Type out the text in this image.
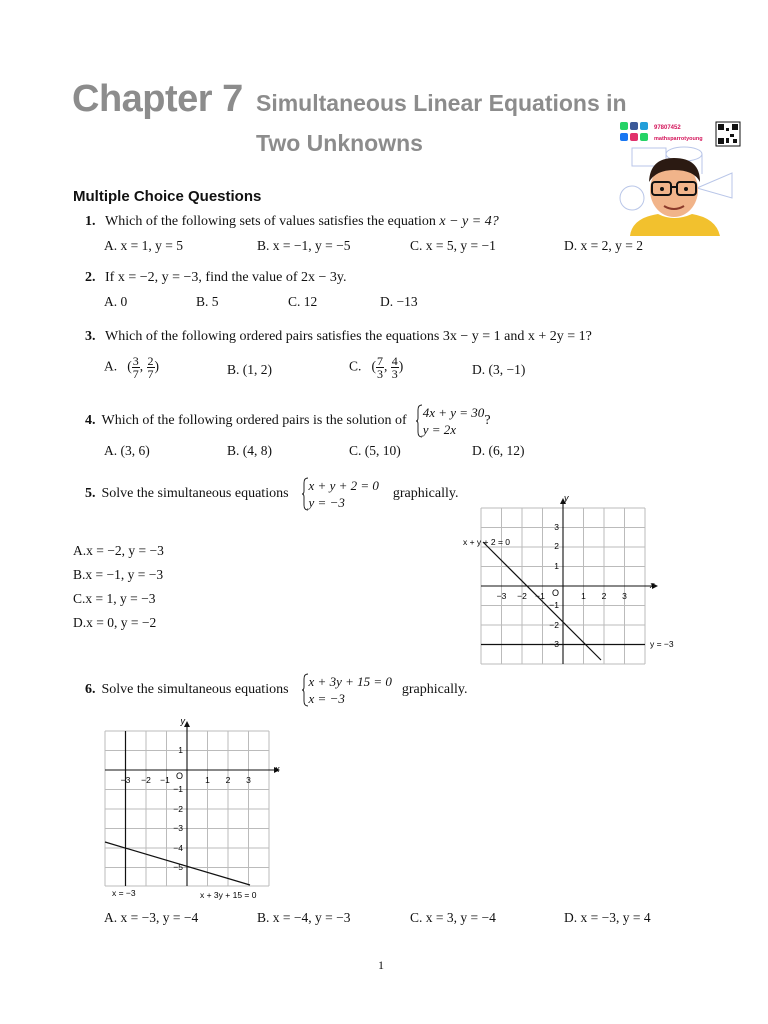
Chapter 7 Simultaneous Linear Equations in
Two Unknowns
97807452
mathsparrotyoung
Multiple Choice Questions
1. Which of the following sets of values satisfies the equation x − y = 4?
A. x = 1, y = 5	B. x = −1, y = −5	C. x = 5, y = −1	D. x = 2, y = 2
2. If x = −2, y = −3, find the value of 2x − 3y.
A. 0	B. 5	C. 12	D. −13
3. Which of the following ordered pairs satisfies the equations 3x − y = 1 and x + 2y = 1?
A.   ( $\frac{3}{7}$ , $\frac{2}{7}$ )	B. (1, 2)	C.   ( $\frac{7}{3}$ , $\frac{4}{3}$ )	D. (3, −1)
4. Which of the following ordered pairs is the solution of
4x + y = 30
y = 2x
?
A. (3, 6)	B. (4, 8)	C. (5, 10)	D. (6, 12)
5. Solve the simultaneous equations
x + y + 2 = 0
y = −3
graphically.
A.x = −2, y = −3
B.x = −1, y = −3
C.x = 1, y = −3
D.x = 0, y = −2
y
x
O
−3 −2 −1	1 2 3
3
2
1
−1
−2
−3
x + y + 2 = 0
y = −3
6. Solve the simultaneous equations
x + 3y + 15 = 0
x = −3
graphically.
y
x
O
−3 −2 −1	1 2 3
1
−1
−2
−3
−4
−5
x = −3	x + 3y + 15 = 0
A. x = −3, y = −4	B. x = −4, y = −3	C. x = 3, y = −4	D. x = −3, y = 4
1
